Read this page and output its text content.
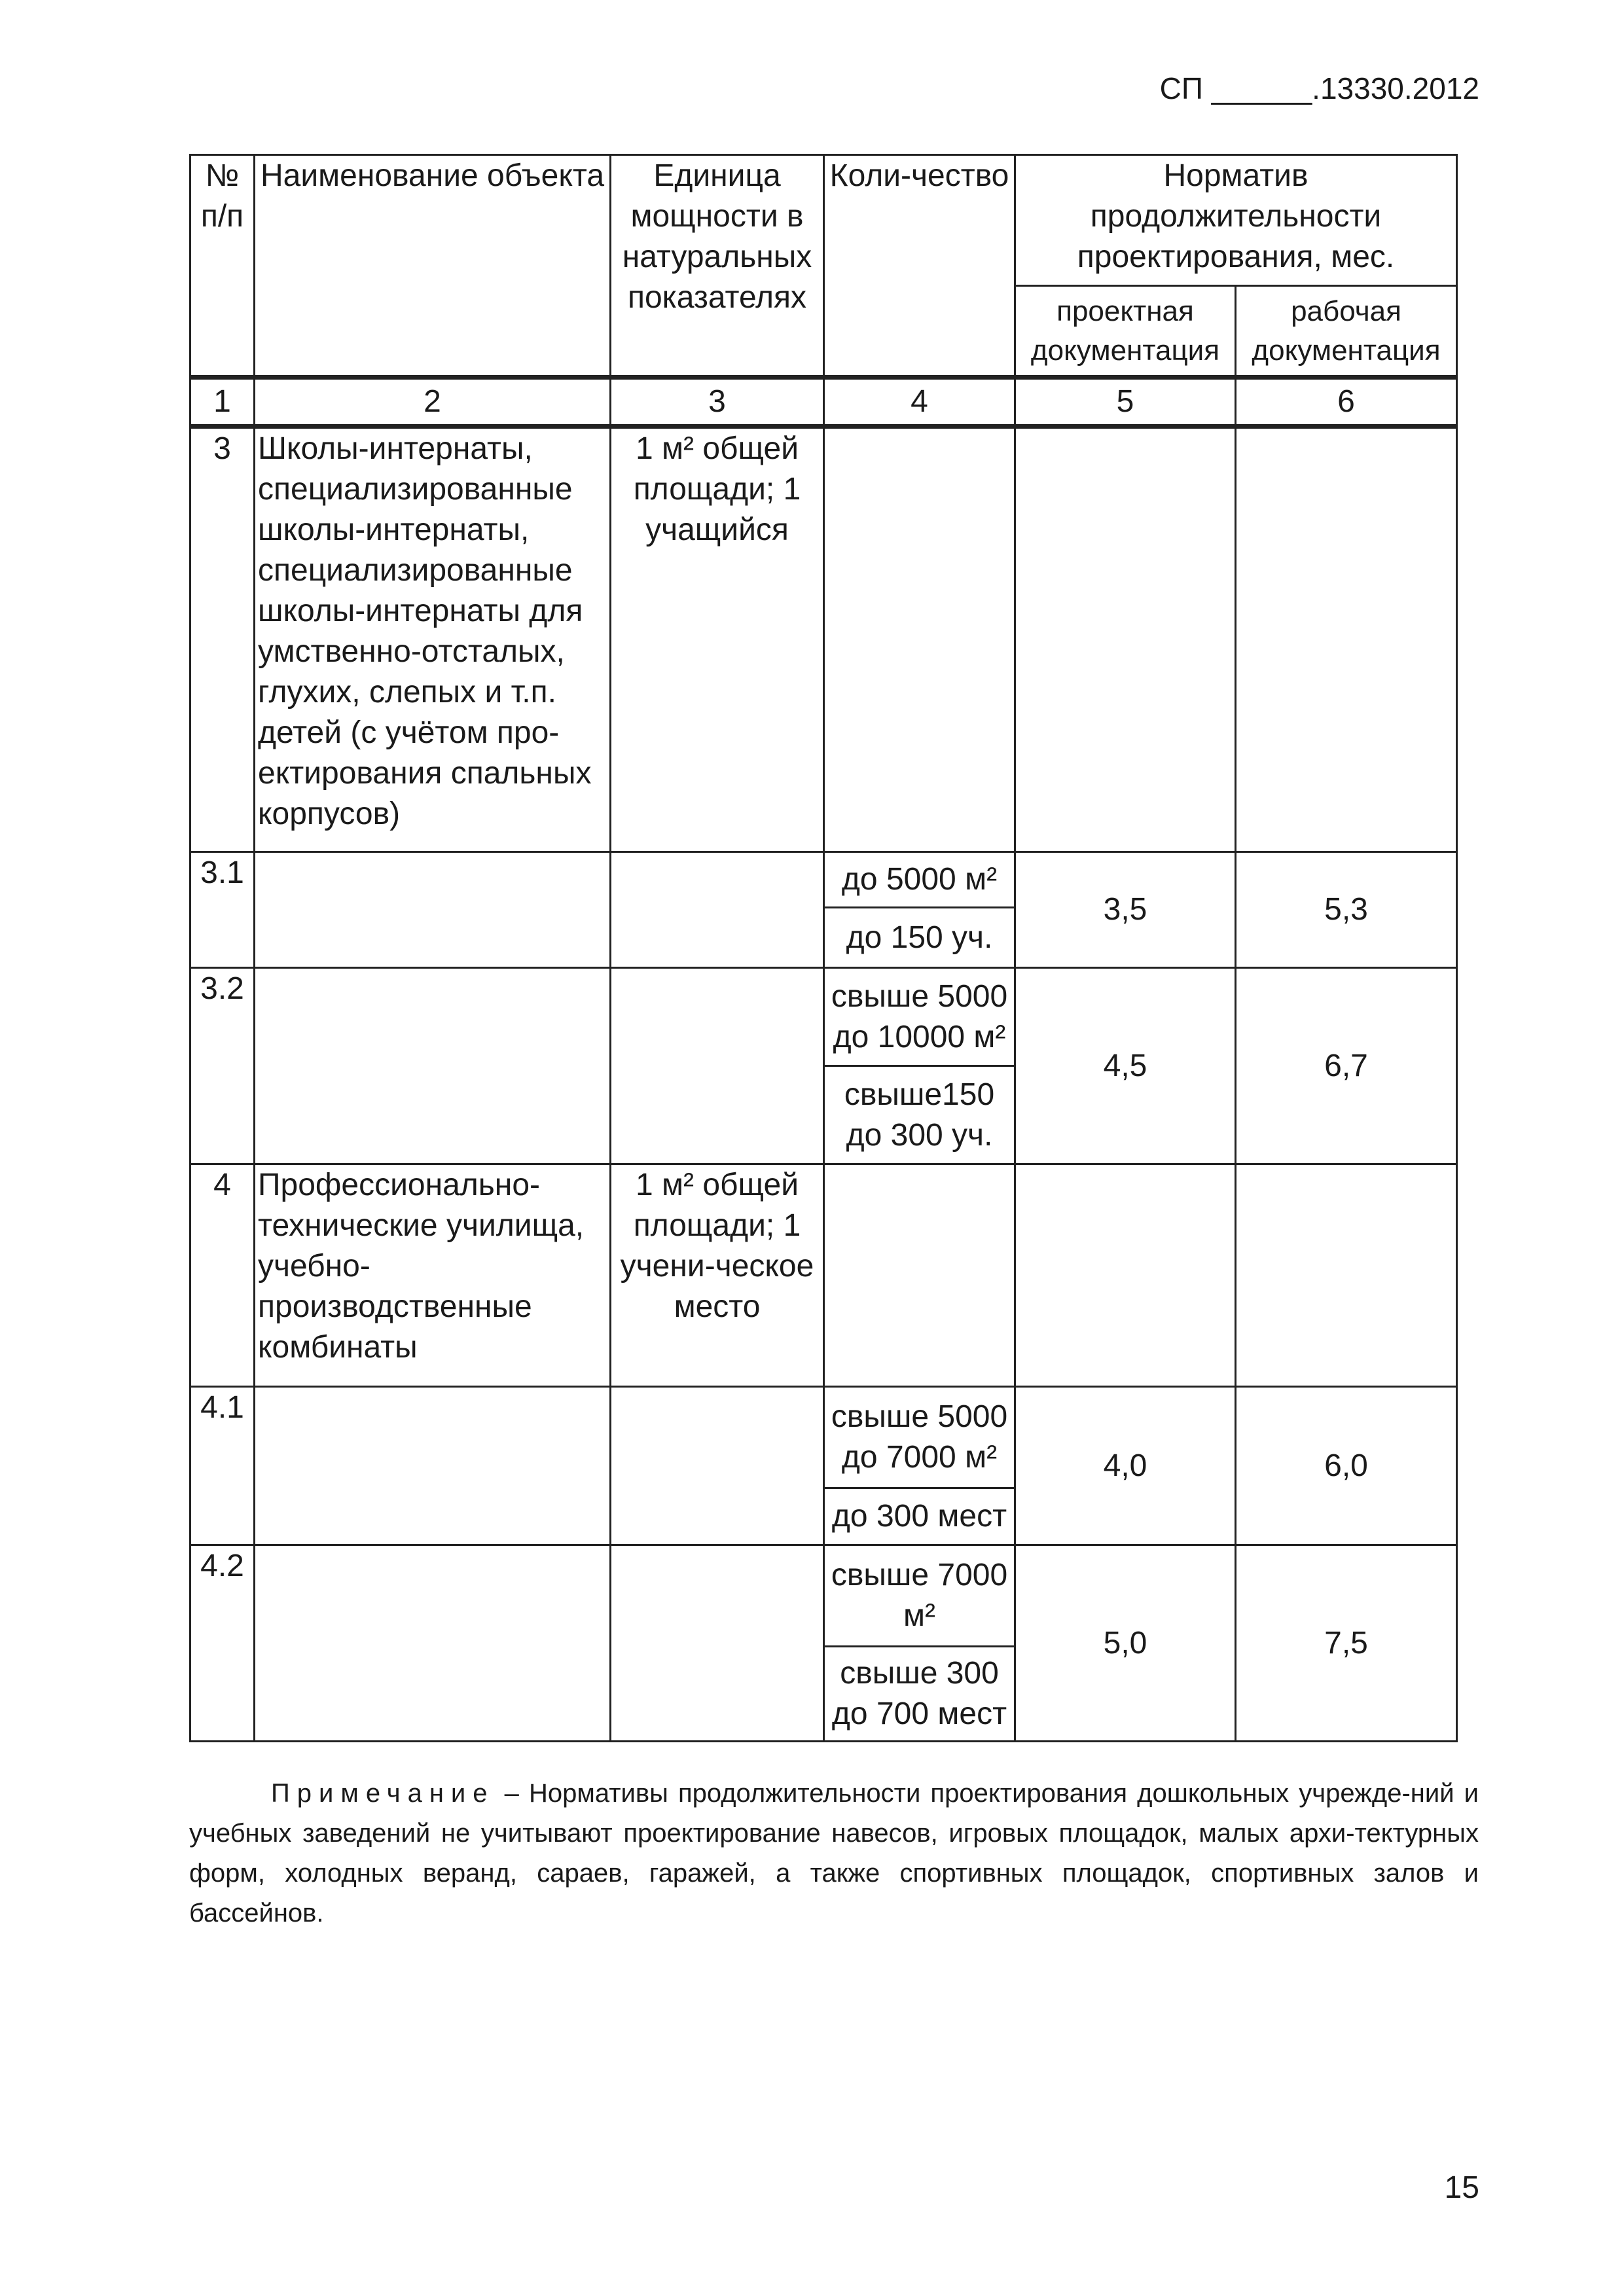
СП ______.13330.2012
№ п/п	Наименование объекта	Единица мощности в натуральных показателях	Коли-чество	Норматив продолжительности проектирования, мес.	
				проектная документация	рабочая документация
1	2	3	4	5	6
3	Школы-интернаты, специализированные школы-интернаты, специализированные школы-интернаты для умственно-отсталых, глухих, слепых и т.п. детей (с учётом про-ектирования спальных корпусов)	1 м² общей площади; 1 учащийся			
3.1			до 5000 м²	3,5	5,3
			до 150 уч.		
3.2			свыше 5000 до 10000 м²	4,5	6,7
			свыше150 до 300 уч.		
4	Профессионально-технические училища, учебно-производственные комбинаты	1 м² общей площади; 1 учени-ческое место			
4.1			свыше 5000 до 7000 м²	4,0	6,0
			до 300 мест		
4.2			свыше 7000 м²	5,0	7,5
			свыше 300 до 700 мест		
Примечание – Нормативы продолжительности проектирования дошкольных учрежде-ний и учебных заведений не учитывают проектирование навесов, игровых площадок, малых архи-тектурных форм, холодных веранд, сараев, гаражей, а также спортивных площадок, спортивных залов и бассейнов.
15
